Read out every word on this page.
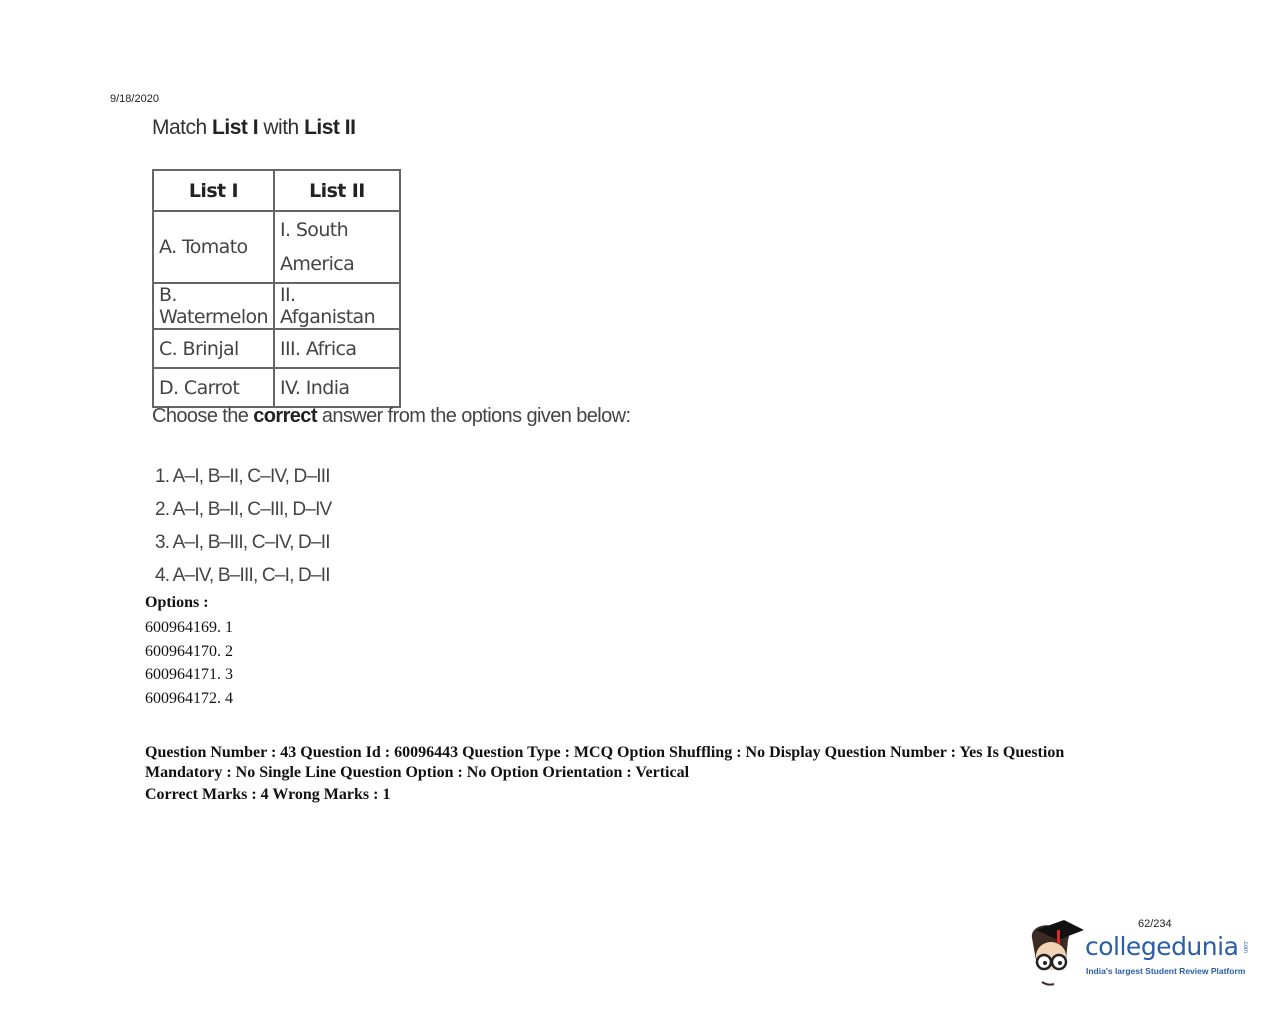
9/18/2020
Match List I with List II
List I	List II
A. Tomato	I. South
America

B. Watermelon	II. Afganistan
C. Brinjal	III. Africa
D. Carrot	IV. India
Choose the correct answer from the options given below:
1. A–I, B–II, C–IV, D–III
2. A–I, B–II, C–III, D–IV
3. A–I, B–III, C–IV, D–II
4. A–IV, B–III, C–I, D–II
Options :
600964169. 1
600964170. 2
600964171. 3
600964172. 4
Question Number : 43 Question Id : 60096443 Question Type : MCQ Option Shuffling : No Display Question Number : Yes Is Question
Mandatory : No Single Line Question Option : No Option Orientation : Vertical
Correct Marks : 4 Wrong Marks : 1
62/234
collegedunia .com
India's largest Student Review Platform
